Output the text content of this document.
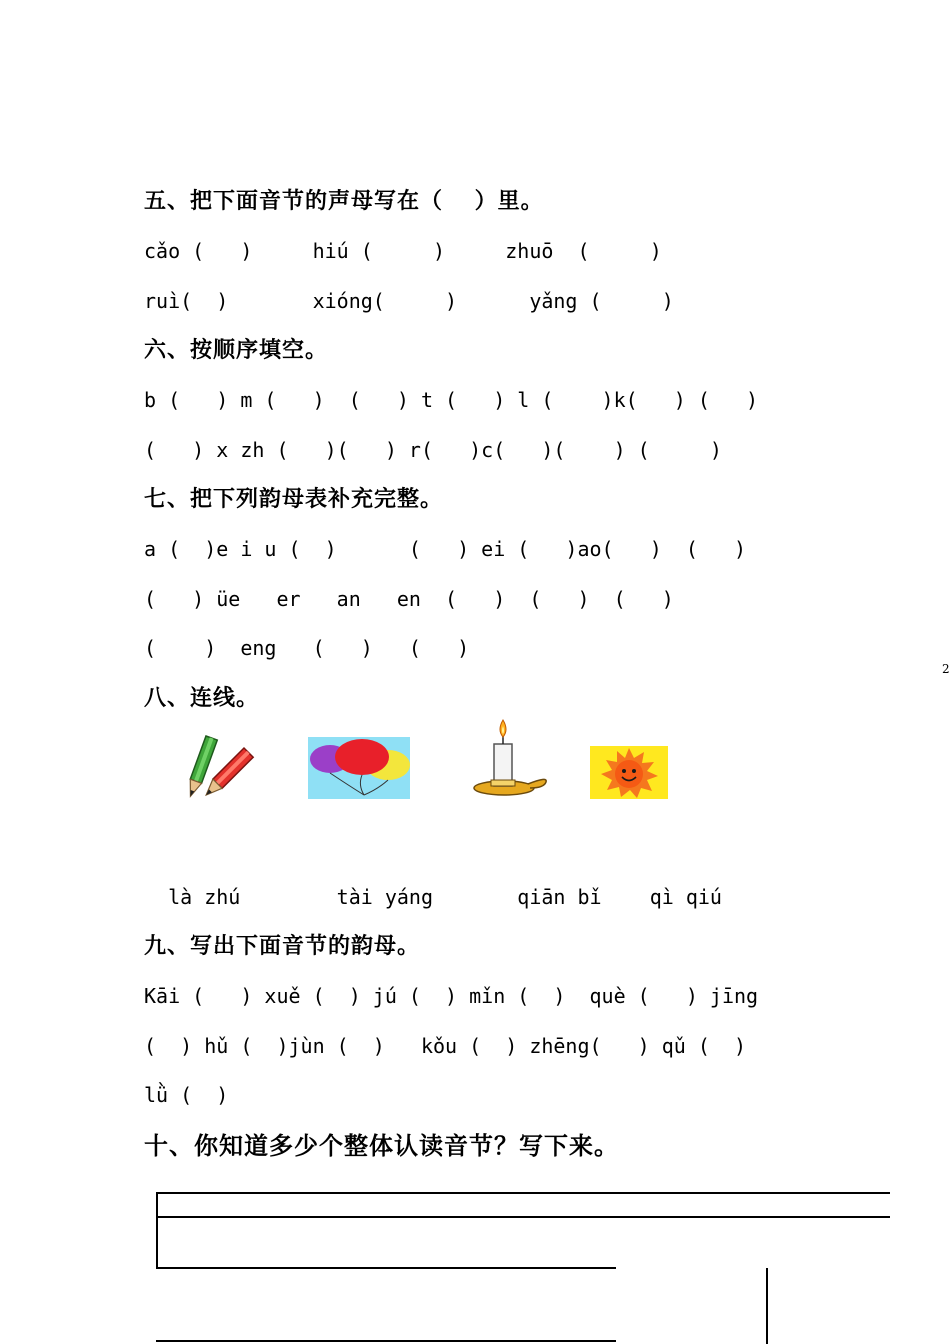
五、把下面音节的声母写在（　 ）里。
cǎo (   )     hiú (     )     zhuō  (     )
ruì(  )       xióng(     )      yǎng (     )
六、按顺序填空。
b (   ) m (   )  (   ) t (   ) l (    )k(   ) (   )
(   ) x zh (   )(   ) r(   )c(   )(    ) (     )
七、把下列韵母表补充完整。
a (  )e i u (  )      (   ) ei (   )ao(   )  (   )
(   ) üe   er   an   en  (   )  (   )  (   )
(    )  eng   (   )   (   )
2
八、连线。
là zhú        tài yáng       qiān bǐ    qì qiú
九、写出下面音节的韵母。
Kāi (   ) xuě (  ) jú (  ) mǐn (  )  què (   ) jīng
(  ) hǔ (  )jùn (  )   kǒu (  ) zhēng(   ) qǔ (  )
lǜ (  )
十、你知道多少个整体认读音节？写下来。
